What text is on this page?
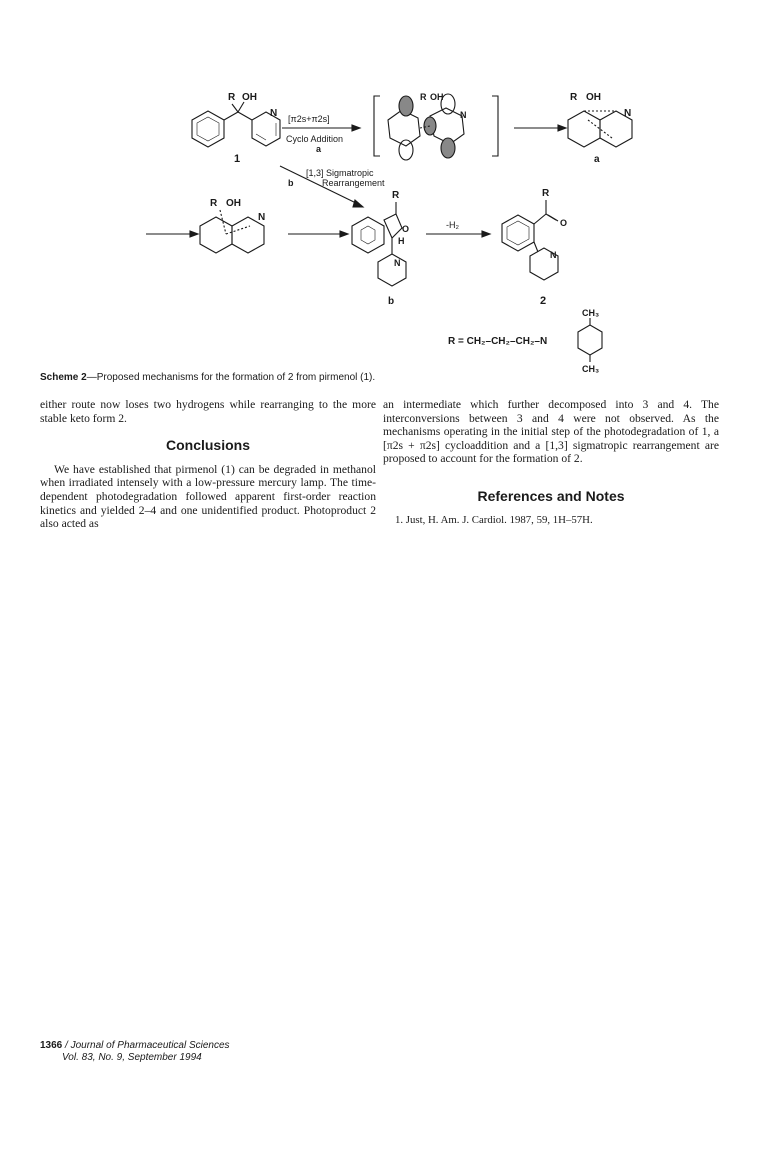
R OH
N
1
[π2s+π2s]
Cyclo Addition
a
R OH
N
R OH
N
a
[1,3] Sigmatropic
Rearrangement
b
R OH
N
R
O
H
N
b
-H₂
R
O
N
2
CH₃
R = CH₂–CH₂–CH₂–N
CH₃
Scheme 2—Proposed mechanisms for the formation of 2 from pirmenol (1).

either route now loses two hydrogens while rearranging to the more stable keto form 2.

Conclusions

We have established that pirmenol (1) can be degraded in methanol when irradiated intensely with a low-pressure mercury lamp. The time-dependent photodegradation followed apparent first-order reaction kinetics and yielded 2–4 and one unidentified product. Photoproduct 2 also acted as

an intermediate which further decomposed into 3 and 4. The interconversions between 3 and 4 were not observed. As the mechanisms operating in the initial step of the photodegradation of 1, a [π2s + π2s] cycloaddition and a [1,3] sigmatropic rearrangement are proposed to account for the formation of 2.

References and Notes

1. Just, H. Am. J. Cardiol. 1987, 59, 1H–57H.

1366 / Journal of Pharmaceutical Sciences
Vol. 83, No. 9, September 1994
